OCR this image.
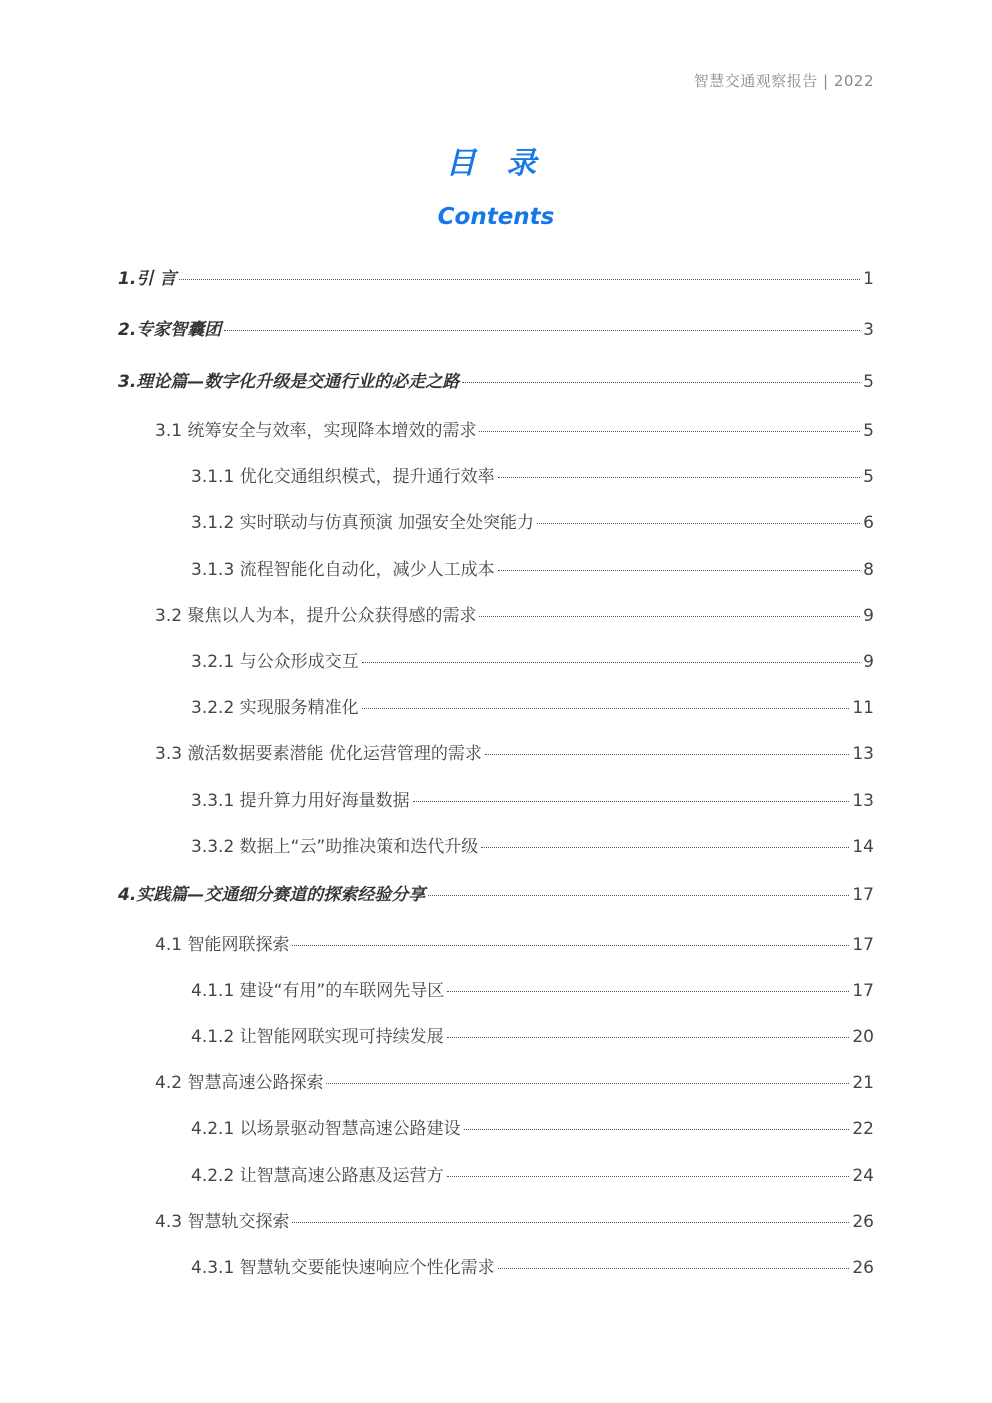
智慧交通观察报告 | 2022
目 录
Contents
1.引 言	1
2.专家智囊团	3
3.理论篇—数字化升级是交通行业的必走之路	5
3.1 统筹安全与效率，实现降本增效的需求	5
3.1.1 优化交通组织模式，提升通行效率	5
3.1.2 实时联动与仿真预演 加强安全处突能力	6
3.1.3 流程智能化自动化，减少人工成本	8
3.2 聚焦以人为本，提升公众获得感的需求	9
3.2.1 与公众形成交互	9
3.2.2 实现服务精准化	11
3.3 激活数据要素潜能 优化运营管理的需求	13
3.3.1 提升算力用好海量数据	13
3.3.2 数据上“云”助推决策和迭代升级	14
4.实践篇—交通细分赛道的探索经验分享	17
4.1 智能网联探索	17
4.1.1 建设“有用”的车联网先导区	17
4.1.2 让智能网联实现可持续发展	20
4.2 智慧高速公路探索	21
4.2.1 以场景驱动智慧高速公路建设	22
4.2.2 让智慧高速公路惠及运营方	24
4.3 智慧轨交探索	26
4.3.1 智慧轨交要能快速响应个性化需求	26
